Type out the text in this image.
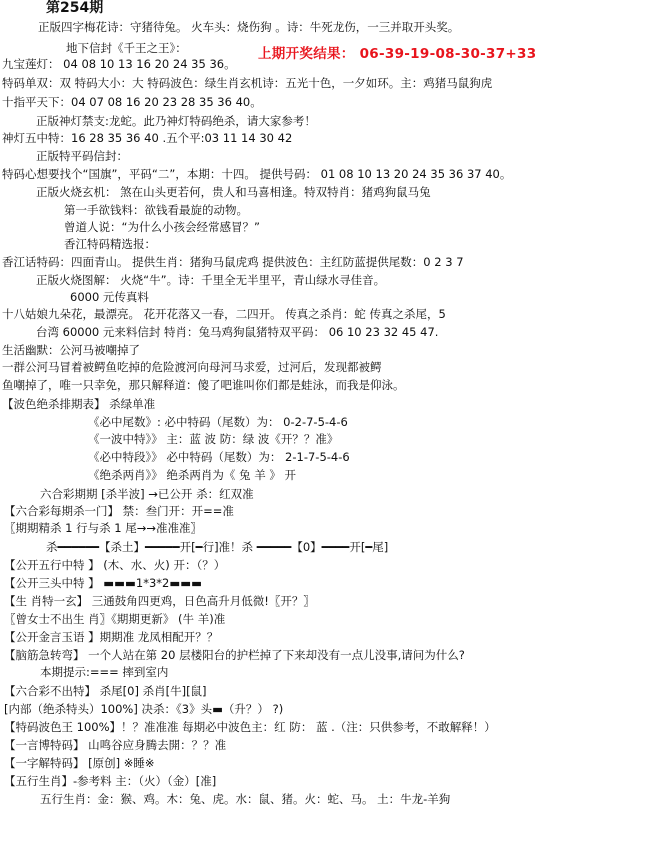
第254期
正版四字梅花诗：守猪待兔。 火车头：烧伤狗 。诗：牛死龙伤，一三并取开头奖。
地下信封《千王之王》：	上期开奖结果： 06-39-19-08-30-37+33
九宝莲灯： 04 08 10 13 16 20 24 35 36。
特码单双：双 特码大小：大 特码波色：绿生肖玄机诗：五光十色，一夕如环。主：鸡猪马鼠狗虎
十指平天下：04 07 08 16 20 23 28 35 36 40。
正版神灯禁支:龙蛇。此乃神灯特码绝杀，请大家参考！
神灯五中特：16 28 35 36 40 .五个平:03 11 14 30 42
正版特平码信封：
特码心想要找个“国旗”，平码“二”，本期：十四。 提供号码： 01 08 10 13 20 24 35 36 37 40。
正版火烧玄机： 煞在山头更若何，贵人和马喜相逢。特双特肖：猪鸡狗鼠马兔
第一手欲钱料：欲钱看最旋的动物。
曾道人说：“为什么小孩会经常感冒？”
香江特码精选报：
香江话特码：四面青山。 提供生肖：猪狗马鼠虎鸡 提供波色：主红防蓝提供尾数：0 2 3 7
正版火烧图解： 火烧“牛”。诗：千里全无半里平，青山绿水寻佳音。
6000 元传真料
十八姑娘九朵花，最漂亮。 花开花落又一春，二四开。 传真之杀肖：蛇 传真之杀尾，5
台湾 60000 元来料信封 特肖：兔马鸡狗鼠猪特双平码： 06 10 23 32 45 47.
生活幽默：公河马被嘲掉了
一群公河马冒着被鳄鱼吃掉的危险渡河向母河马求爱，过河后，发现都被鳄
鱼嘲掉了，唯一只幸免，那只解释道：傻了吧谁叫你们都是蛙泳，而我是仰泳。
【波色绝杀排期表】 杀绿单准
《必中尾数》: 必中特码（尾数）为： 0-2-7-5-4-6
《一波中特》》 主：蓝 波 防：绿 波《开？？准》
《必中特段》》 必中特码（尾数）为： 2-1-7-5-4-6
《绝杀两肖》》 绝杀两肖为《 兔 羊 》 开
六合彩期期 [杀半波] →已公开 杀：红双准
【六合彩每期杀一门】 禁：叁门开：开==准
〖期期精杀 1 行与杀 1 尾→→准准准〗
杀━━━━━━【杀土】━━━━━开[━行]准！杀 ━━━━━【0】━━━━开[━尾]
【公开五行中特 】 (木、水、火) 开：（？）
【公开三头中特 】 ▬▬▬1*3*2▬▬▬
【生 肖特一玄】 三通鼓角四更鸡，日色高升月低微!〖开？〗
〖曾女士不出生 肖〗《期期更新》 (牛 羊)准
【公开金言玉语 】期期准 龙凤相配开？？
【脑筋急转弯】 一个人站在第 20 层楼阳台的护栏掉了下来却没有一点儿没事,请问为什么?
本期提示:=== 摔到室内
【六合彩不出特】 杀尾[0] 杀肖[牛][鼠]
[内部（绝杀特头）100%] 决杀：《3》头▬（升？） ?)
【特码波色王 100%】！？准准准 每期必中波色主：红 防： 蓝 .（注：只供参考，不敢解释！）
【一言博特码】 山鸣谷应身腾去開：？？准
【一字解特码】 [原创] ※睡※
【五行生肖】-参考料 主：（火）（金）[准]
五行生肖：金：猴、鸡。木：兔、虎。水：鼠、猪。火：蛇、马。 土：牛龙-羊狗
